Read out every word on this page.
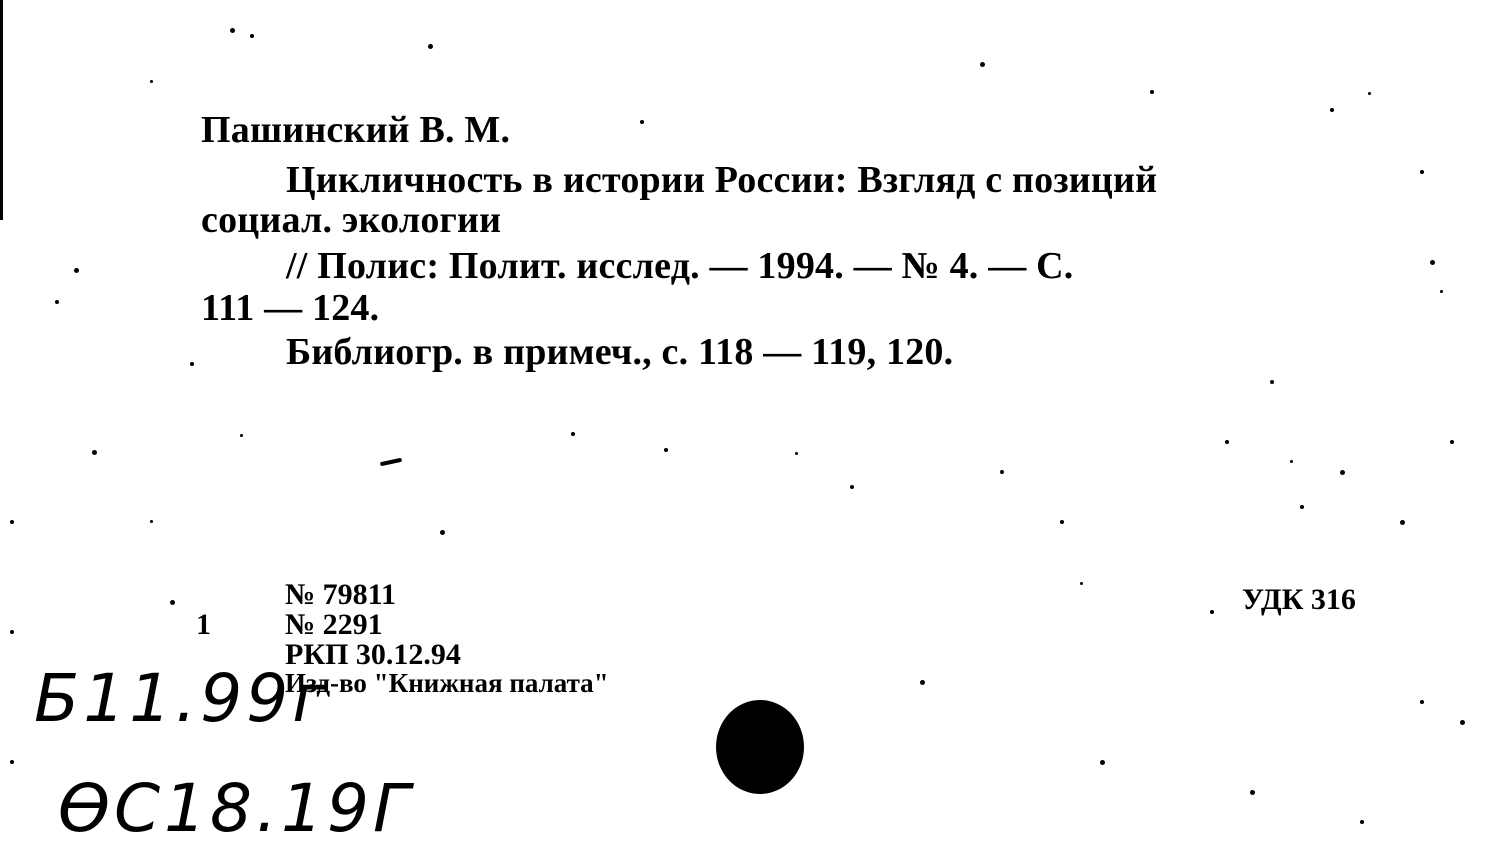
Пашинский В. М.
Цикличность в истории России: Взгляд с позиций
социал. экологии
// Полис: Полит. исслед. — 1994. — № 4. — С.
111 — 124.
Библиогр. в примеч., с. 118 — 119, 120.
№ 79811
1 № 2291
РКП 30.12.94
Изд-во "Книжная палата"
УДК 316
Б11.99г
ӨС18.19Г
